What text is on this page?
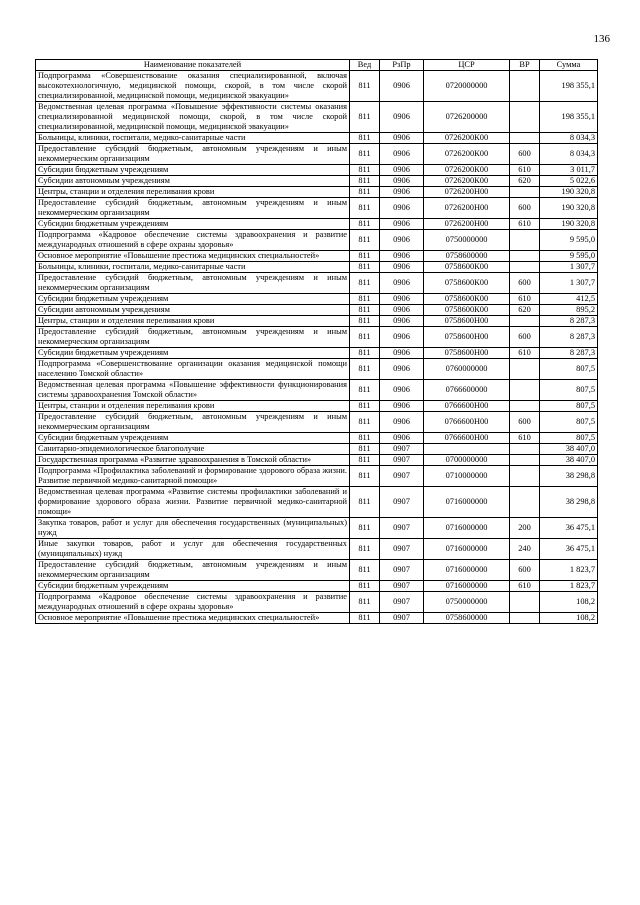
136
Наименование показателей	Вед	РзПр	ЦСР	ВР	Сумма
Подпрограмма «Совершенствование оказания специализированной, включая высокотехнологичную, медицинской помощи, скорой, в том числе скорой специализированной, медицинской помощи, медицинской эвакуации»	811	0906	0720000000		198 355,1
Ведомственная целевая программа «Повышение эффективности системы оказания специализированной медицинской помощи, скорой, в том числе скорой специализированной, медицинской помощи, медицинской эвакуации»	811	0906	0726200000		198 355,1
Больницы, клиники, госпитали, медико-санитарные части	811	0906	0726200К00		8 034,3
Предоставление субсидий бюджетным, автономным учреждениям и иным некоммерческим организациям	811	0906	0726200К00	600	8 034,3
Субсидии бюджетным учреждениям	811	0906	0726200К00	610	3 011,7
Субсидии автономным учреждениям	811	0906	0726200К00	620	5 022,6
Центры, станции и отделения переливания крови	811	0906	0726200Н00		190 320,8
Предоставление субсидий бюджетным, автономным учреждениям и иным некоммерческим организациям	811	0906	0726200Н00	600	190 320,8
Субсидии бюджетным учреждениям	811	0906	0726200Н00	610	190 320,8
Подпрограмма «Кадровое обеспечение системы здравоохранения и развитие международных отношений в сфере охраны здоровья»	811	0906	0750000000		9 595,0
Основное мероприятие «Повышение престижа медицинских специальностей»	811	0906	0758600000		9 595,0
Больницы, клиники, госпитали, медико-санитарные части	811	0906	0758600К00		1 307,7
Предоставление субсидий бюджетным, автономным учреждениям и иным некоммерческим организациям	811	0906	0758600К00	600	1 307,7
Субсидии бюджетным учреждениям	811	0906	0758600К00	610	412,5
Субсидии автономным учреждениям	811	0906	0758600К00	620	895,2
Центры, станции и отделения переливания крови	811	0906	0758600Н00		8 287,3
Предоставление субсидий бюджетным, автономным учреждениям и иным некоммерческим организациям	811	0906	0758600Н00	600	8 287,3
Субсидии бюджетным учреждениям	811	0906	0758600Н00	610	8 287,3
Подпрограмма «Совершенствование организации оказания медицинской помощи населению Томской области»	811	0906	0760000000		807,5
Ведомственная целевая программа «Повышение эффективности функционирования системы здравоохранения Томской области»	811	0906	0766600000		807,5
Центры, станции и отделения переливания крови	811	0906	0766600Н00		807,5
Предоставление субсидий бюджетным, автономным учреждениям и иным некоммерческим организациям	811	0906	0766600Н00	600	807,5
Субсидии бюджетным учреждениям	811	0906	0766600Н00	610	807,5
Санитарно-эпидемиологическое благополучие	811	0907			38 407,0
Государственная программа «Развитие здравоохранения в Томской области»	811	0907	0700000000		38 407,0
Подпрограмма «Профилактика заболеваний и формирование здорового образа жизни. Развитие первичной медико-санитарной помощи»	811	0907	0710000000		38 298,8
Ведомственная целевая программа «Развитие системы профилактики заболеваний и формирование здорового образа жизни. Развитие первичной медико-санитарной помощи»	811	0907	0716000000		38 298,8
Закупка товаров, работ и услуг для обеспечения государственных (муниципальных) нужд	811	0907	0716000000	200	36 475,1
Иные закупки товаров, работ и услуг для обеспечения государственных (муниципальных) нужд	811	0907	0716000000	240	36 475,1
Предоставление субсидий бюджетным, автономным учреждениям и иным некоммерческим организациям	811	0907	0716000000	600	1 823,7
Субсидии бюджетным учреждениям	811	0907	0716000000	610	1 823,7
Подпрограмма «Кадровое обеспечение системы здравоохранения и развитие международных отношений в сфере охраны здоровья»	811	0907	0750000000		108,2
Основное мероприятие «Повышение престижа медицинских специальностей»	811	0907	0758600000		108,2
